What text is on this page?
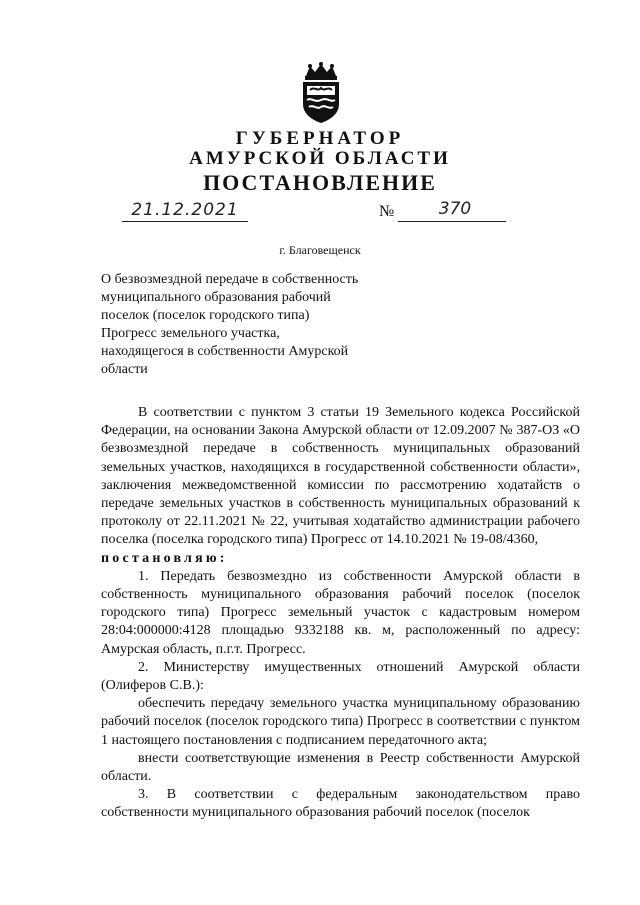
ГУБЕРНАТОР
АМУРСКОЙ ОБЛАСТИ
ПОСТАНОВЛЕНИЕ
21.12.2021	№	370
г. Благовещенск
О безвозмездной передаче в собственность муниципального образования рабочий поселок (поселок городского типа) Прогресс земельного участка, находящегося в собственности Амурской области

В соответствии с пунктом 3 статьи 19 Земельного кодекса Российской Федерации, на основании Закона Амурской области от 12.09.2007 № 387-ОЗ «О безвозмездной передаче в собственность муниципальных образований земельных участков, находящихся в государственной собственности области», заключения межведомственной комиссии по рассмотрению ходатайств о передаче земельных участков в собственность муниципальных образований к протоколу от 22.11.2021 № 22, учитывая ходатайство администрации рабочего поселка (поселка городского типа) Прогресс от 14.10.2021 № 19-08/4360,

постановляю:

1. Передать безвозмездно из собственности Амурской области в собственность муниципального образования рабочий поселок (поселок городского типа) Прогресс земельный участок с кадастровым номером 28:04:000000:4128 площадью 9332188 кв. м, расположенный по адресу: Амурская область, п.г.т. Прогресс.

2. Министерству имущественных отношений Амурской области (Олиферов С.В.):

обеспечить передачу земельного участка муниципальному образованию рабочий поселок (поселок городского типа) Прогресс в соответствии с пунктом 1 настоящего постановления с подписанием передаточного акта;

внести соответствующие изменения в Реестр собственности Амурской области.

3. В соответствии с федеральным законодательством право собственности муниципального образования рабочий поселок (поселок
